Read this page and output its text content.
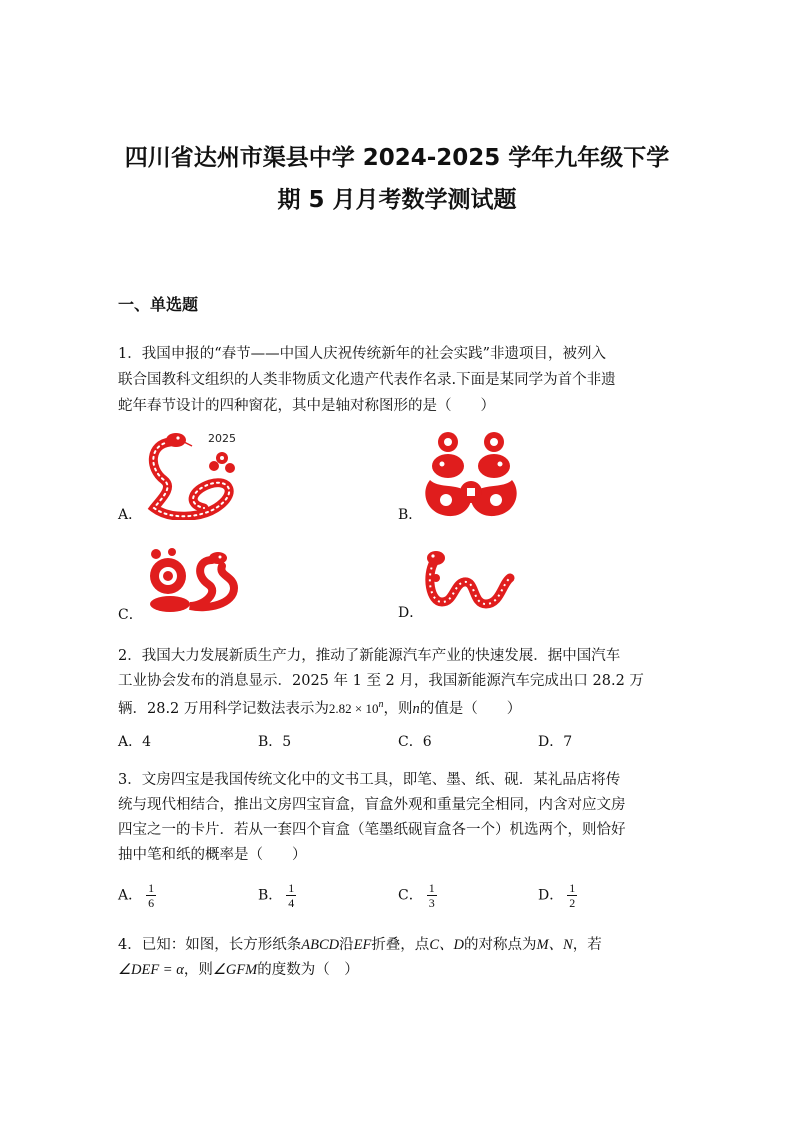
四川省达州市渠县中学 2024-2025 学年九年级下学
期 5 月月考数学测试题
一、单选题

1．我国申报的“春节——中国人庆祝传统新年的社会实践”非遗项目，被列入

联合国教科文组织的人类非物质文化遗产代表作名录.下面是某同学为首个非遗

蛇年春节设计的四种窗花，其中是轴对称图形的是（　　）

2025
A．	B．
C．	D．

2．我国大力发展新质生产力，推动了新能源汽车产业的快速发展．据中国汽车

工业协会发布的消息显示．2025 年 1 至 2 月，我国新能源汽车完成出口 28.2 万

辆．28.2 万用科学记数法表示为$2.82 \times 10^n$，则n的值是（　　）

A．4	B．5	C．6	D．7

3．文房四宝是我国传统文化中的文书工具，即笔、墨、纸、砚．某礼品店将传

统与现代相结合，推出文房四宝盲盒，盲盒外观和重量完全相同，内含对应文房

四宝之一的卡片．若从一套四个盲盒（笔墨纸砚盲盒各一个）机选两个，则恰好

抽中笔和纸的概率是（　　）

A． $\frac{1}{6}$	B． $\frac{1}{4}$	C． $\frac{1}{3}$	D． $\frac{1}{2}$

4．已知：如图，长方形纸条ABCD沿EF折叠，点C、D的对称点为M、N，若

∠DEF = α，则∠GFM的度数为（　）
